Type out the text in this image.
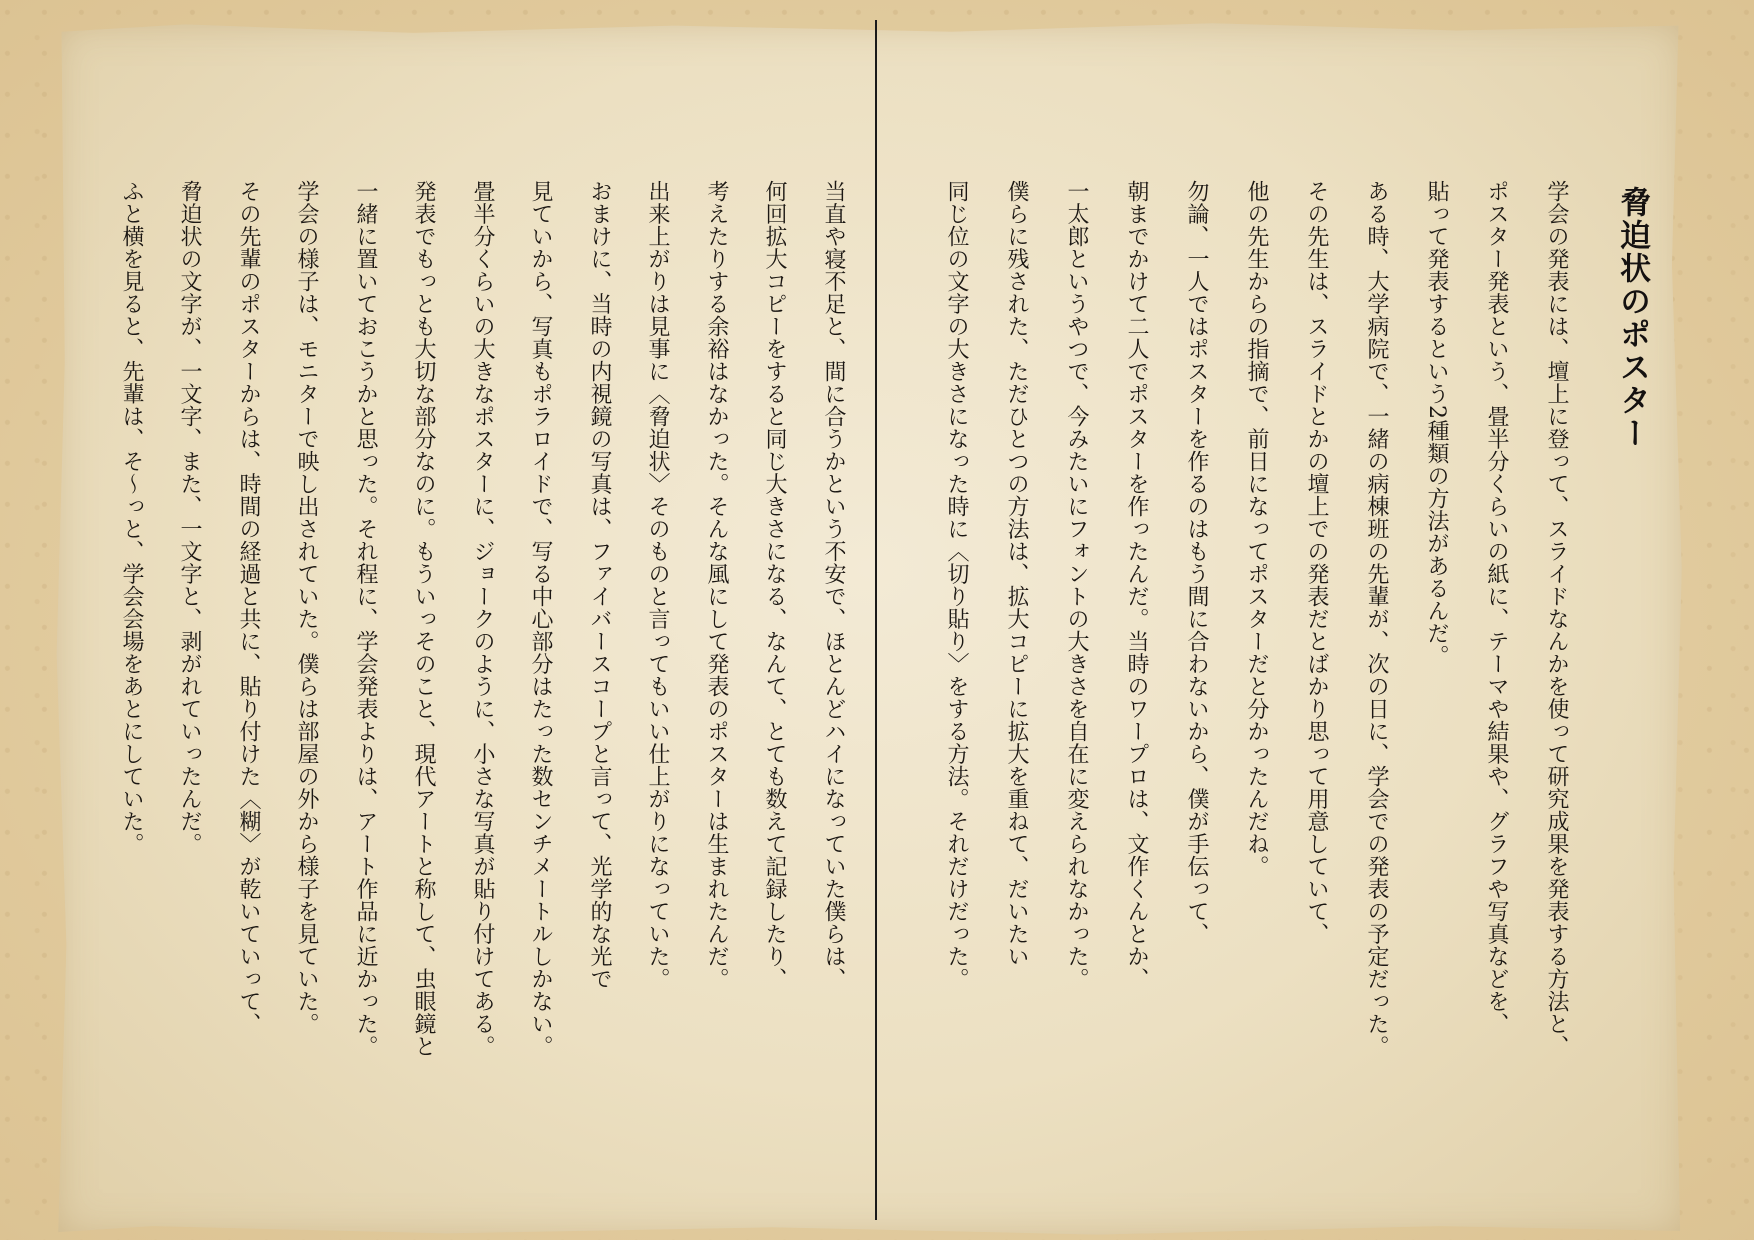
脅迫状のポスター
学会の発表には、壇上に登って、スライドなんかを使って研究成果を発表する方法と、
ポスター発表という、畳半分くらいの紙に、テーマや結果や、グラフや写真などを、
貼って発表するという2種類の方法があるんだ。
ある時、大学病院で、一緒の病棟班の先輩が、次の日に、学会での発表の予定だった。
その先生は、スライドとかの壇上での発表だとばかり思って用意していて、
他の先生からの指摘で、前日になってポスターだと分かったんだね。
勿論、一人ではポスターを作るのはもう間に合わないから、僕が手伝って、
朝までかけて二人でポスターを作ったんだ。当時のワープロは、文作くんとか、
一太郎というやつで、今みたいにフォントの大きさを自在に変えられなかった。
僕らに残された、ただひとつの方法は、拡大コピーに拡大を重ねて、だいたい
同じ位の文字の大きさになった時に〈切り貼り〉をする方法。それだけだった。
当直や寝不足と、間に合うかという不安で、ほとんどハイになっていた僕らは、
何回拡大コピーをすると同じ大きさになる、なんて、とても数えて記録したり、
考えたりする余裕はなかった。そんな風にして発表のポスターは生まれたんだ。
出来上がりは見事に〈脅迫状〉そのものと言ってもいい仕上がりになっていた。
おまけに、当時の内視鏡の写真は、ファイバースコープと言って、光学的な光で
見ていから、写真もポラロイドで、写る中心部分はたった数センチメートルしかない。
畳半分くらいの大きなポスターに、ジョークのように、小さな写真が貼り付けてある。
発表でもっとも大切な部分なのに。もういっそのこと、現代アートと称して、虫眼鏡と
一緒に置いておこうかと思った。それ程に、学会発表よりは、アート作品に近かった。
学会の様子は、モニターで映し出されていた。僕らは部屋の外から様子を見ていた。
その先輩のポスターからは、時間の経過と共に、貼り付けた〈糊〉が乾いていって、
脅迫状の文字が、一文字、また、一文字と、剥がれていったんだ。
ふと横を見ると、先輩は、そ〜っと、学会会場をあとにしていた。
